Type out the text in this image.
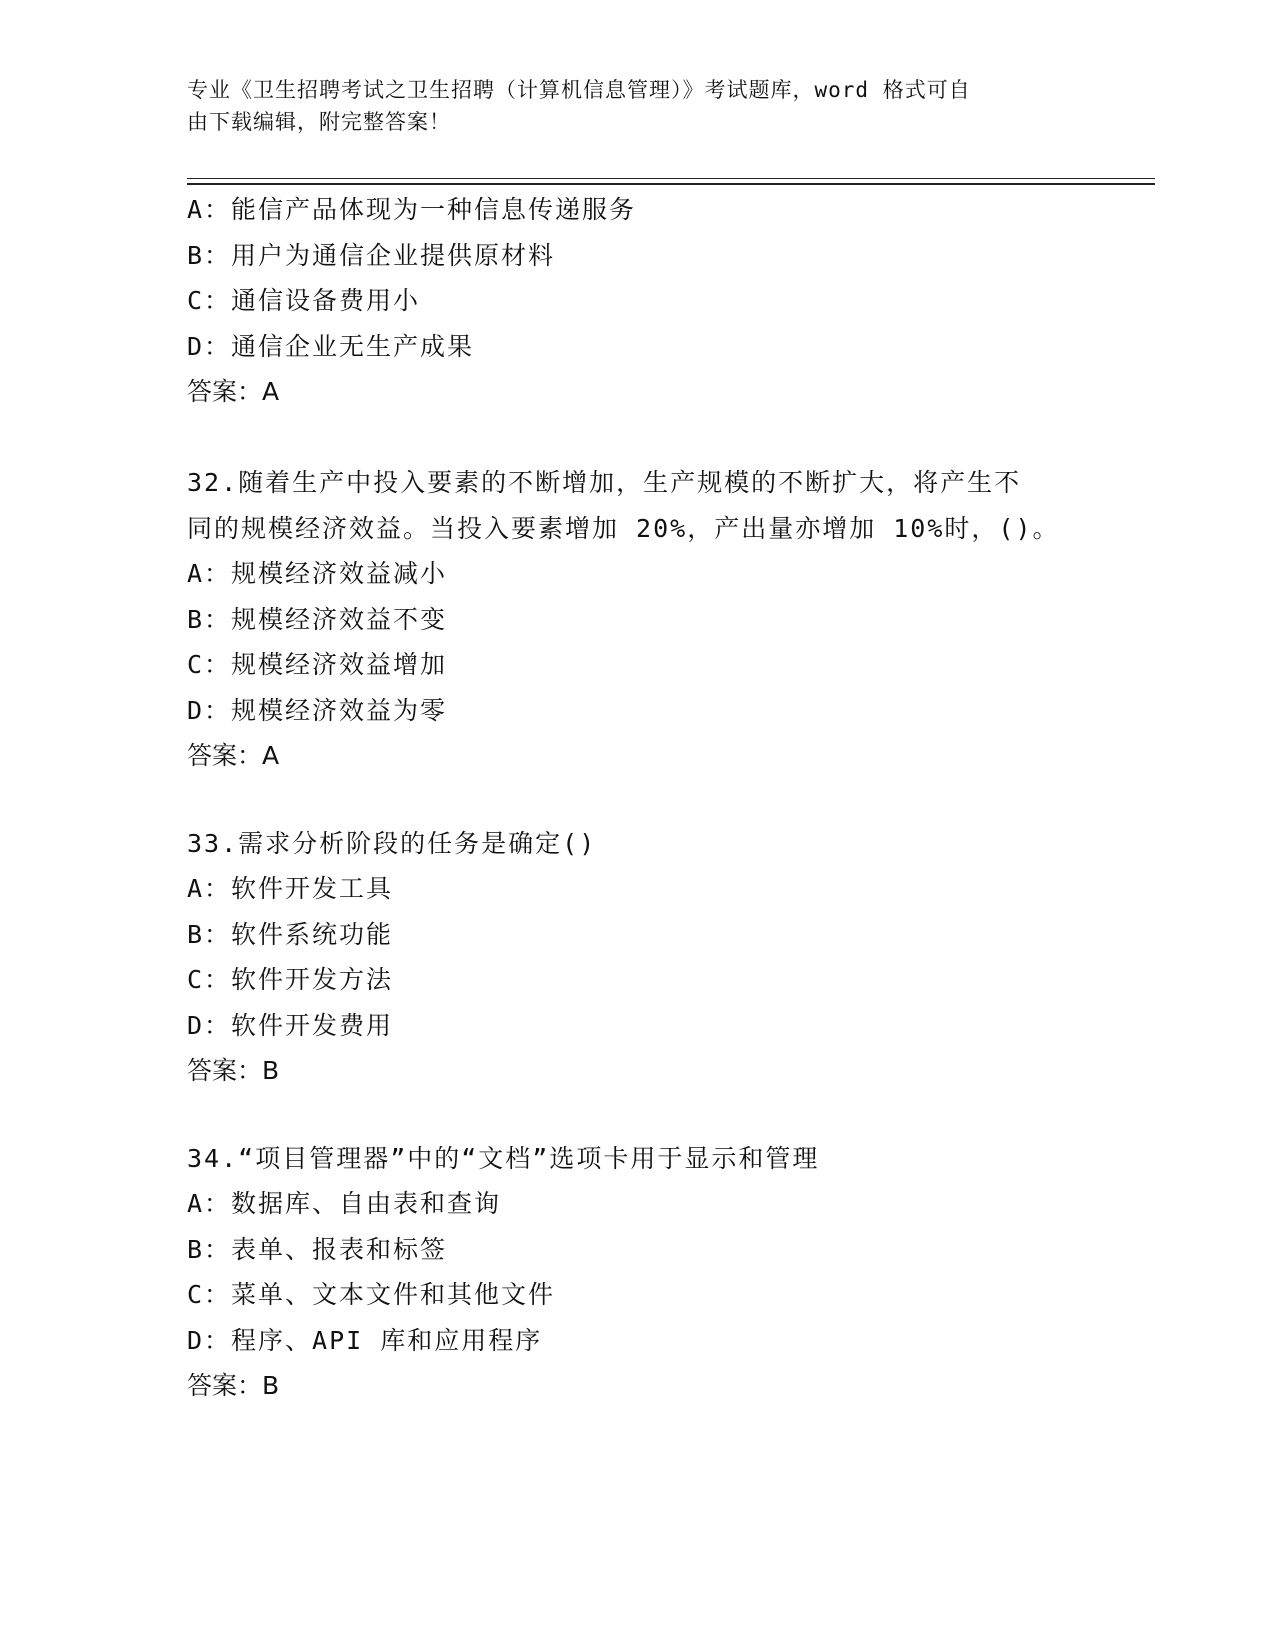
专业《卫生招聘考试之卫生招聘（计算机信息管理）》考试题库，word 格式可自
由下载编辑，附完整答案！
A：能信产品体现为一种信息传递服务
B：用户为通信企业提供原材料
C：通信设备费用小
D：通信企业无生产成果
答案：A
32.随着生产中投入要素的不断增加，生产规模的不断扩大，将产生不
同的规模经济效益。当投入要素增加 20%，产出量亦增加 10%时，()。
A：规模经济效益减小
B：规模经济效益不变
C：规模经济效益增加
D：规模经济效益为零
答案：A
33.需求分析阶段的任务是确定()
A：软件开发工具
B：软件系统功能
C：软件开发方法
D：软件开发费用
答案：B
34.“项目管理器”中的“文档”选项卡用于显示和管理
A：数据库、自由表和查询
B：表单、报表和标签
C：菜单、文本文件和其他文件
D：程序、API 库和应用程序
答案：B
